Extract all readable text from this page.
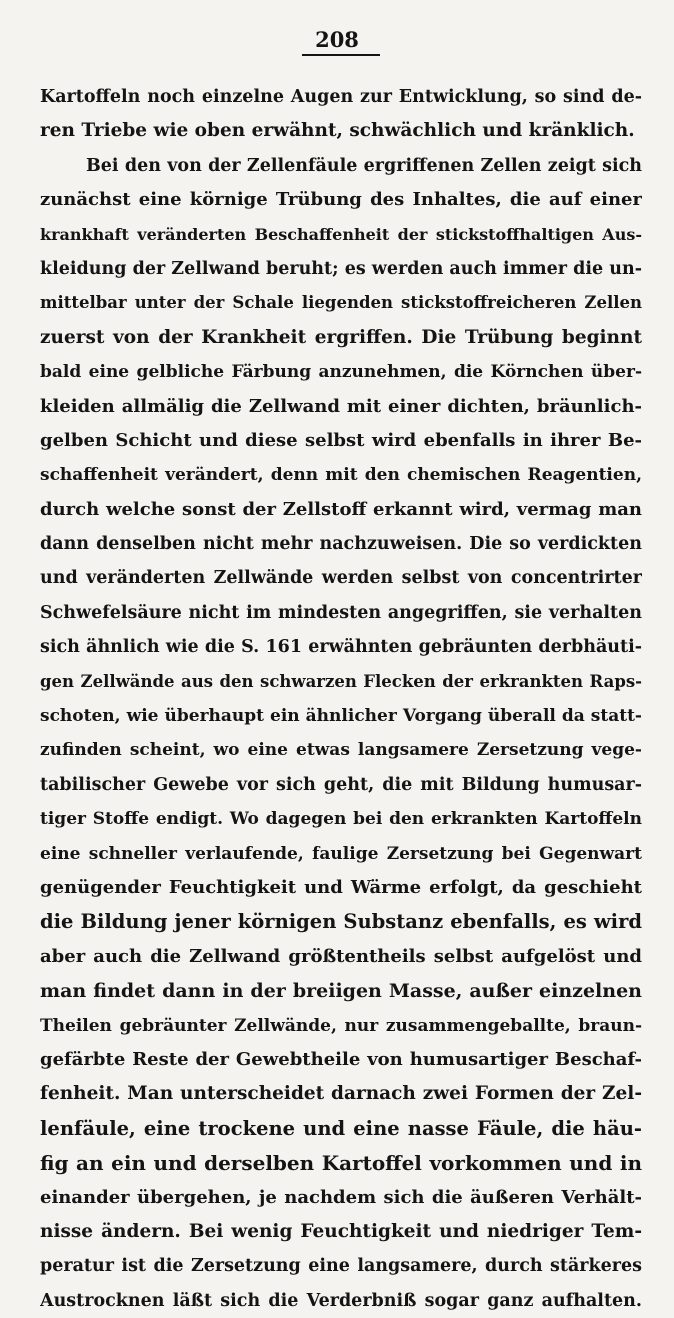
208
Kartoffeln noch einzelne Augen zur Entwicklung, so sind de-
ren Triebe wie oben erwähnt, schwächlich und kränklich.
Bei den von der Zellenfäule ergriffenen Zellen zeigt sich
zunächst eine körnige Trübung des Inhaltes, die auf einer
krankhaft veränderten Beschaffenheit der stickstoffhaltigen Aus-
kleidung der Zellwand beruht; es werden auch immer die un-
mittelbar unter der Schale liegenden stickstoffreicheren Zellen
zuerst von der Krankheit ergriffen. Die Trübung beginnt
bald eine gelbliche Färbung anzunehmen, die Körnchen über-
kleiden allmälig die Zellwand mit einer dichten, bräunlich-
gelben Schicht und diese selbst wird ebenfalls in ihrer Be-
schaffenheit verändert, denn mit den chemischen Reagentien,
durch welche sonst der Zellstoff erkannt wird, vermag man
dann denselben nicht mehr nachzuweisen. Die so verdickten
und veränderten Zellwände werden selbst von concentrirter
Schwefelsäure nicht im mindesten angegriffen, sie verhalten
sich ähnlich wie die S. 161 erwähnten gebräunten derbhäuti-
gen Zellwände aus den schwarzen Flecken der erkrankten Raps-
schoten, wie überhaupt ein ähnlicher Vorgang überall da statt-
zufinden scheint, wo eine etwas langsamere Zersetzung vege-
tabilischer Gewebe vor sich geht, die mit Bildung humusar-
tiger Stoffe endigt. Wo dagegen bei den erkrankten Kartoffeln
eine schneller verlaufende, faulige Zersetzung bei Gegenwart
genügender Feuchtigkeit und Wärme erfolgt, da geschieht
die Bildung jener körnigen Substanz ebenfalls, es wird
aber auch die Zellwand größtentheils selbst aufgelöst und
man findet dann in der breiigen Masse, außer einzelnen
Theilen gebräunter Zellwände, nur zusammengeballte, braun-
gefärbte Reste der Gewebtheile von humusartiger Beschaf-
fenheit. Man unterscheidet darnach zwei Formen der Zel-
lenfäule, eine trockene und eine nasse Fäule, die häu-
fig an ein und derselben Kartoffel vorkommen und in
einander übergehen, je nachdem sich die äußeren Verhält-
nisse ändern. Bei wenig Feuchtigkeit und niedriger Tem-
peratur ist die Zersetzung eine langsamere, durch stärkeres
Austrocknen läßt sich die Verderbniß sogar ganz aufhalten.
